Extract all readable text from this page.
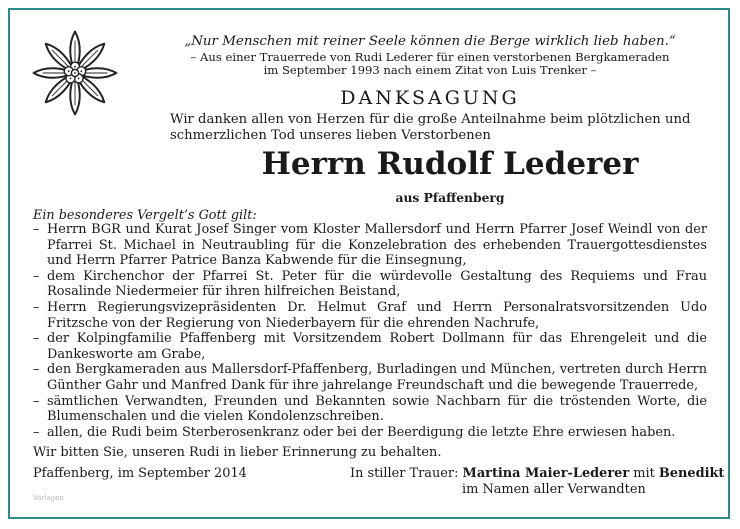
„Nur Menschen mit reiner Seele können die Berge wirklich lieb haben.“

– Aus einer Trauerrede von Rudi Lederer für einen verstorbenen Bergkameraden
im September 1993 nach einem Zitat von Luis Trenker –

DANKSAGUNG

Wir danken allen von Herzen für die große Anteilnahme beim plötzlichen und schmerzlichen Tod unseres lieben Verstorbenen

Herrn Rudolf Lederer

aus Pfaffenberg

Ein besonderes Vergelt’s Gott gilt:

– Herrn BGR und Kurat Josef Singer vom Kloster Mallersdorf und Herrn Pfarrer Josef Weindl von der Pfarrei St. Michael in Neutraubling für die Konzelebration des erhebenden Trauergottesdienstes und Herrn Pfarrer Patrice Banza Kabwende für die Einsegnung,
– dem Kirchenchor der Pfarrei St. Peter für die würdevolle Gestaltung des Requiems und Frau Rosalinde Niedermeier für ihren hilfreichen Beistand,
– Herrn Regierungsvizepräsidenten Dr. Helmut Graf und Herrn Personalratsvorsitzenden Udo Fritzsche von der Regierung von Niederbayern für die ehrenden Nachrufe,
– der Kolpingfamilie Pfaffenberg mit Vorsitzendem Robert Dollmann für das Ehrengeleit und die Dankesworte am Grabe,
– den Bergkameraden aus Mallersdorf-Pfaffenberg, Burladingen und München, vertreten durch Herrn Günther Gahr und Manfred Dank für ihre jahrelange Freundschaft und die bewegende Trauerrede,
– sämtlichen Verwandten, Freunden und Bekannten sowie Nachbarn für die tröstenden Worte, die Blumenschalen und die vielen Kondolenzschreiben.
– allen, die Rudi beim Sterberosenkranz oder bei der Beerdigung die letzte Ehre erwiesen haben.

Wir bitten Sie, unseren Rudi in lieber Erinnerung zu behalten.

Pfaffenberg, im September 2014	In stiller Trauer: Martina Maier-Lederer mit Benedikt

im Namen aller Verwandten

Vorlagen
